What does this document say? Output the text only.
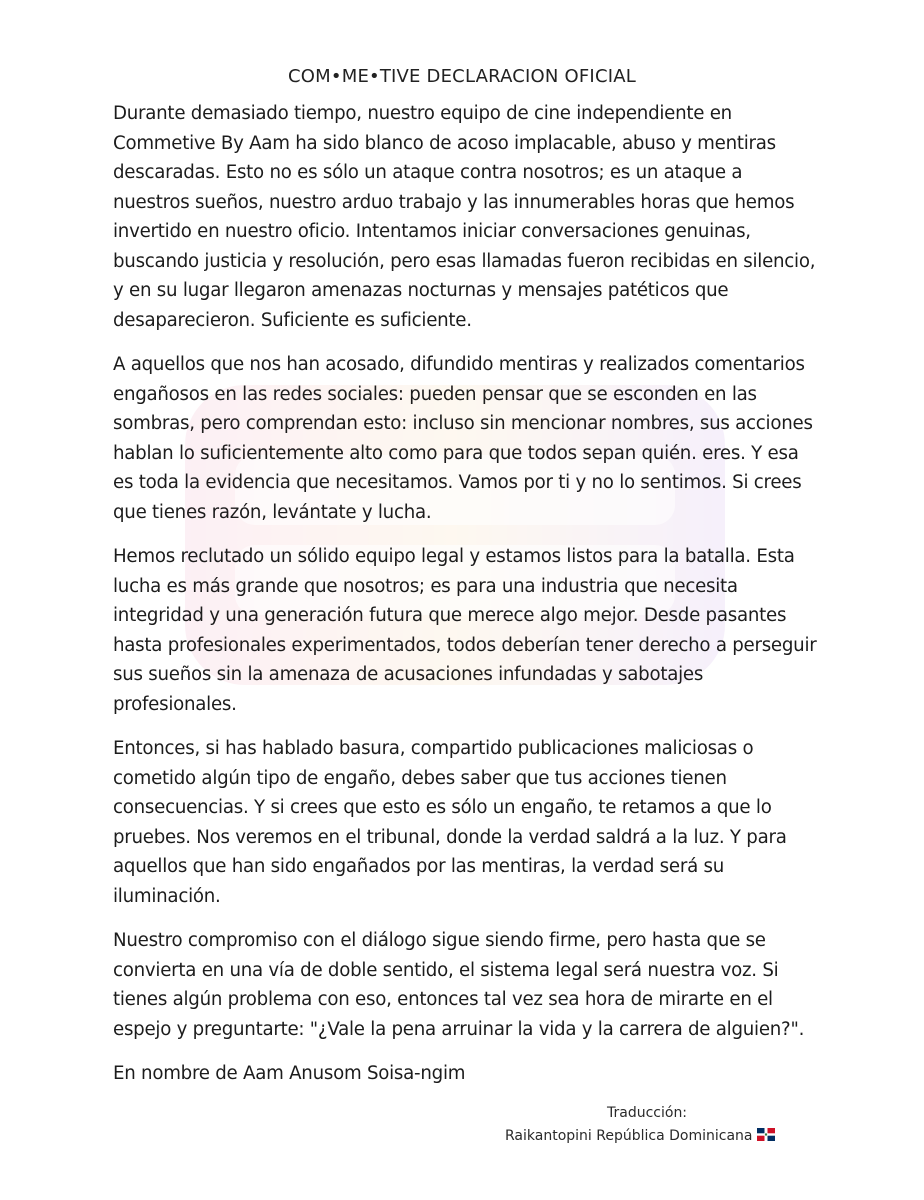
COM•ME•TIVE DECLARACION OFICIAL

Durante demasiado tiempo, nuestro equipo de cine independiente en Commetive By Aam ha sido blanco de acoso implacable, abuso y mentiras descaradas. Esto no es sólo un ataque contra nosotros; es un ataque a nuestros sueños, nuestro arduo trabajo y las innumerables horas que hemos invertido en nuestro oficio. Intentamos iniciar conversaciones genuinas, buscando justicia y resolución, pero esas llamadas fueron recibidas en silencio, y en su lugar llegaron amenazas nocturnas y mensajes patéticos que desaparecieron. Suficiente es suficiente.

A aquellos que nos han acosado, difundido mentiras y realizados comentarios engañosos en las redes sociales: pueden pensar que se esconden en las sombras, pero comprendan esto: incluso sin mencionar nombres, sus acciones hablan lo suficientemente alto como para que todos sepan quién. eres. Y esa es toda la evidencia que necesitamos. Vamos por ti y no lo sentimos. Si crees que tienes razón, levántate y lucha.

Hemos reclutado un sólido equipo legal y estamos listos para la batalla. Esta lucha es más grande que nosotros; es para una industria que necesita integridad y una generación futura que merece algo mejor. Desde pasantes hasta profesionales experimentados, todos deberían tener derecho a perseguir sus sueños sin la amenaza de acusaciones infundadas y sabotajes profesionales.

Entonces, si has hablado basura, compartido publicaciones maliciosas o cometido algún tipo de engaño, debes saber que tus acciones tienen consecuencias. Y si crees que esto es sólo un engaño, te retamos a que lo pruebes. Nos veremos en el tribunal, donde la verdad saldrá a la luz. Y para aquellos que han sido engañados por las mentiras, la verdad será su iluminación.

Nuestro compromiso con el diálogo sigue siendo firme, pero hasta que se convierta en una vía de doble sentido, el sistema legal será nuestra voz. Si tienes algún problema con eso, entonces tal vez sea hora de mirarte en el espejo y preguntarte: "¿Vale la pena arruinar la vida y la carrera de alguien?".

En nombre de Aam Anusom Soisa-ngim

Traducción:
Raikantopini República Dominicana
